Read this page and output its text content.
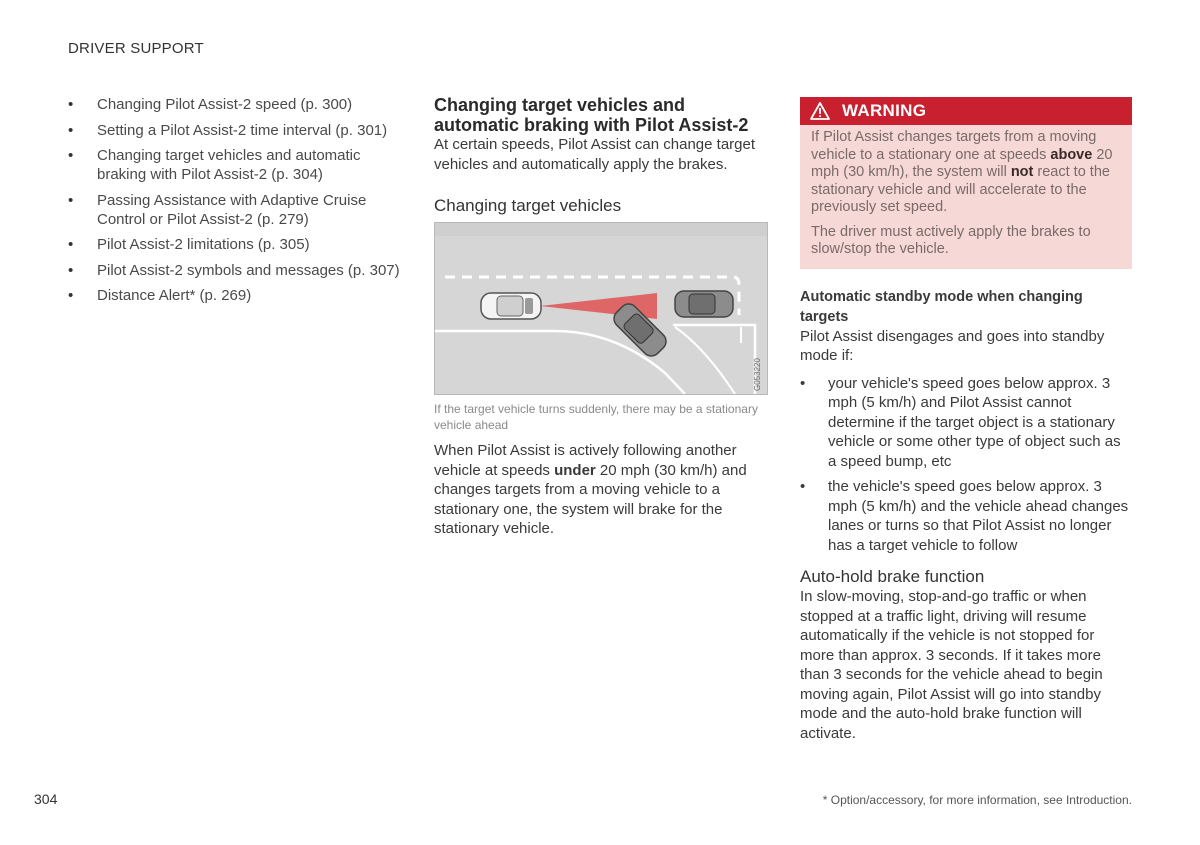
DRIVER SUPPORT
• Changing Pilot Assist-2 speed (p. 300)
• Setting a Pilot Assist-2 time interval (p. 301)
• Changing target vehicles and automatic braking with Pilot Assist-2 (p. 304)
• Passing Assistance with Adaptive Cruise Control or Pilot Assist-2 (p. 279)
• Pilot Assist-2 limitations (p. 305)
• Pilot Assist-2 symbols and messages (p. 307)
• Distance Alert* (p. 269)
Changing target vehicles and automatic braking with Pilot Assist-2

At certain speeds, Pilot Assist can change target vehicles and automatically apply the brakes.

Changing target vehicles
G053220
If the target vehicle turns suddenly, there may be a stationary vehicle ahead

When Pilot Assist is actively following another vehicle at speeds under 20 mph (30 km/h) and changes targets from a moving vehicle to a stationary one, the system will brake for the stationary vehicle.

WARNING

If Pilot Assist changes targets from a moving vehicle to a stationary one at speeds above 20 mph (30 km/h), the system will not react to the stationary vehicle and will accelerate to the previously set speed.

The driver must actively apply the brakes to slow/stop the vehicle.

Automatic standby mode when changing targets

Pilot Assist disengages and goes into standby mode if:

• your vehicle's speed goes below approx. 3 mph (5 km/h) and Pilot Assist cannot determine if the target object is a stationary vehicle or some other type of object such as a speed bump, etc
• the vehicle's speed goes below approx. 3 mph (5 km/h) and the vehicle ahead changes lanes or turns so that Pilot Assist no longer has a target vehicle to follow
Auto-hold brake function

In slow-moving, stop-and-go traffic or when stopped at a traffic light, driving will resume automatically if the vehicle is not stopped for more than approx. 3 seconds. If it takes more than 3 seconds for the vehicle ahead to begin moving again, Pilot Assist will go into standby mode and the auto-hold brake function will activate.

304	* Option/accessory, for more information, see Introduction.
